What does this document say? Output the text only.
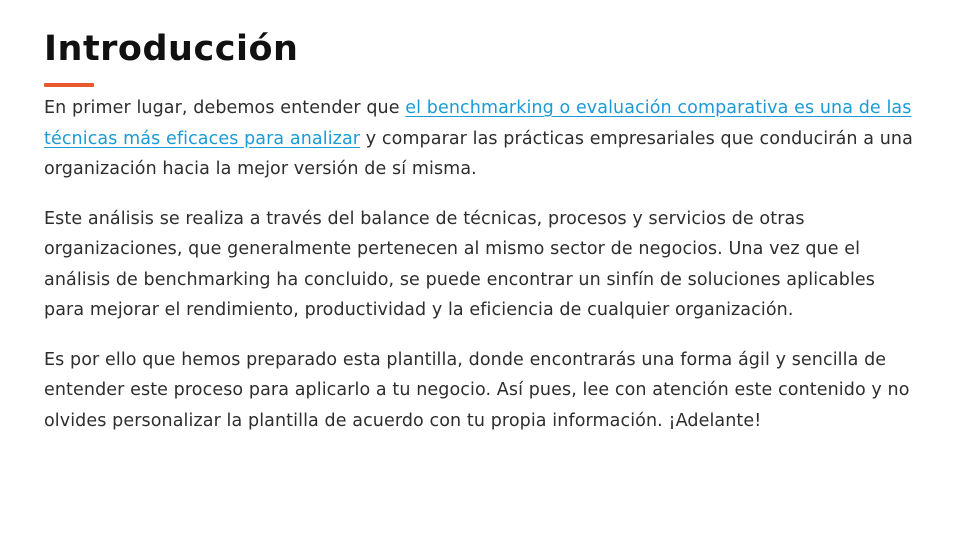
Introducción

En primer lugar, debemos entender que el benchmarking o evaluación comparativa es una de las técnicas más eficaces para analizar y comparar las prácticas empresariales que conducirán a una organización hacia la mejor versión de sí misma.

Este análisis se realiza a través del balance de técnicas, procesos y servicios de otras organizaciones, que generalmente pertenecen al mismo sector de negocios. Una vez que el análisis de benchmarking ha concluido, se puede encontrar un sinfín de soluciones aplicables para mejorar el rendimiento, productividad y la eficiencia de cualquier organización.

Es por ello que hemos preparado esta plantilla, donde encontrarás una forma ágil y sencilla de entender este proceso para aplicarlo a tu negocio. Así pues, lee con atención este contenido y no olvides personalizar la plantilla de acuerdo con tu propia información. ¡Adelante!
